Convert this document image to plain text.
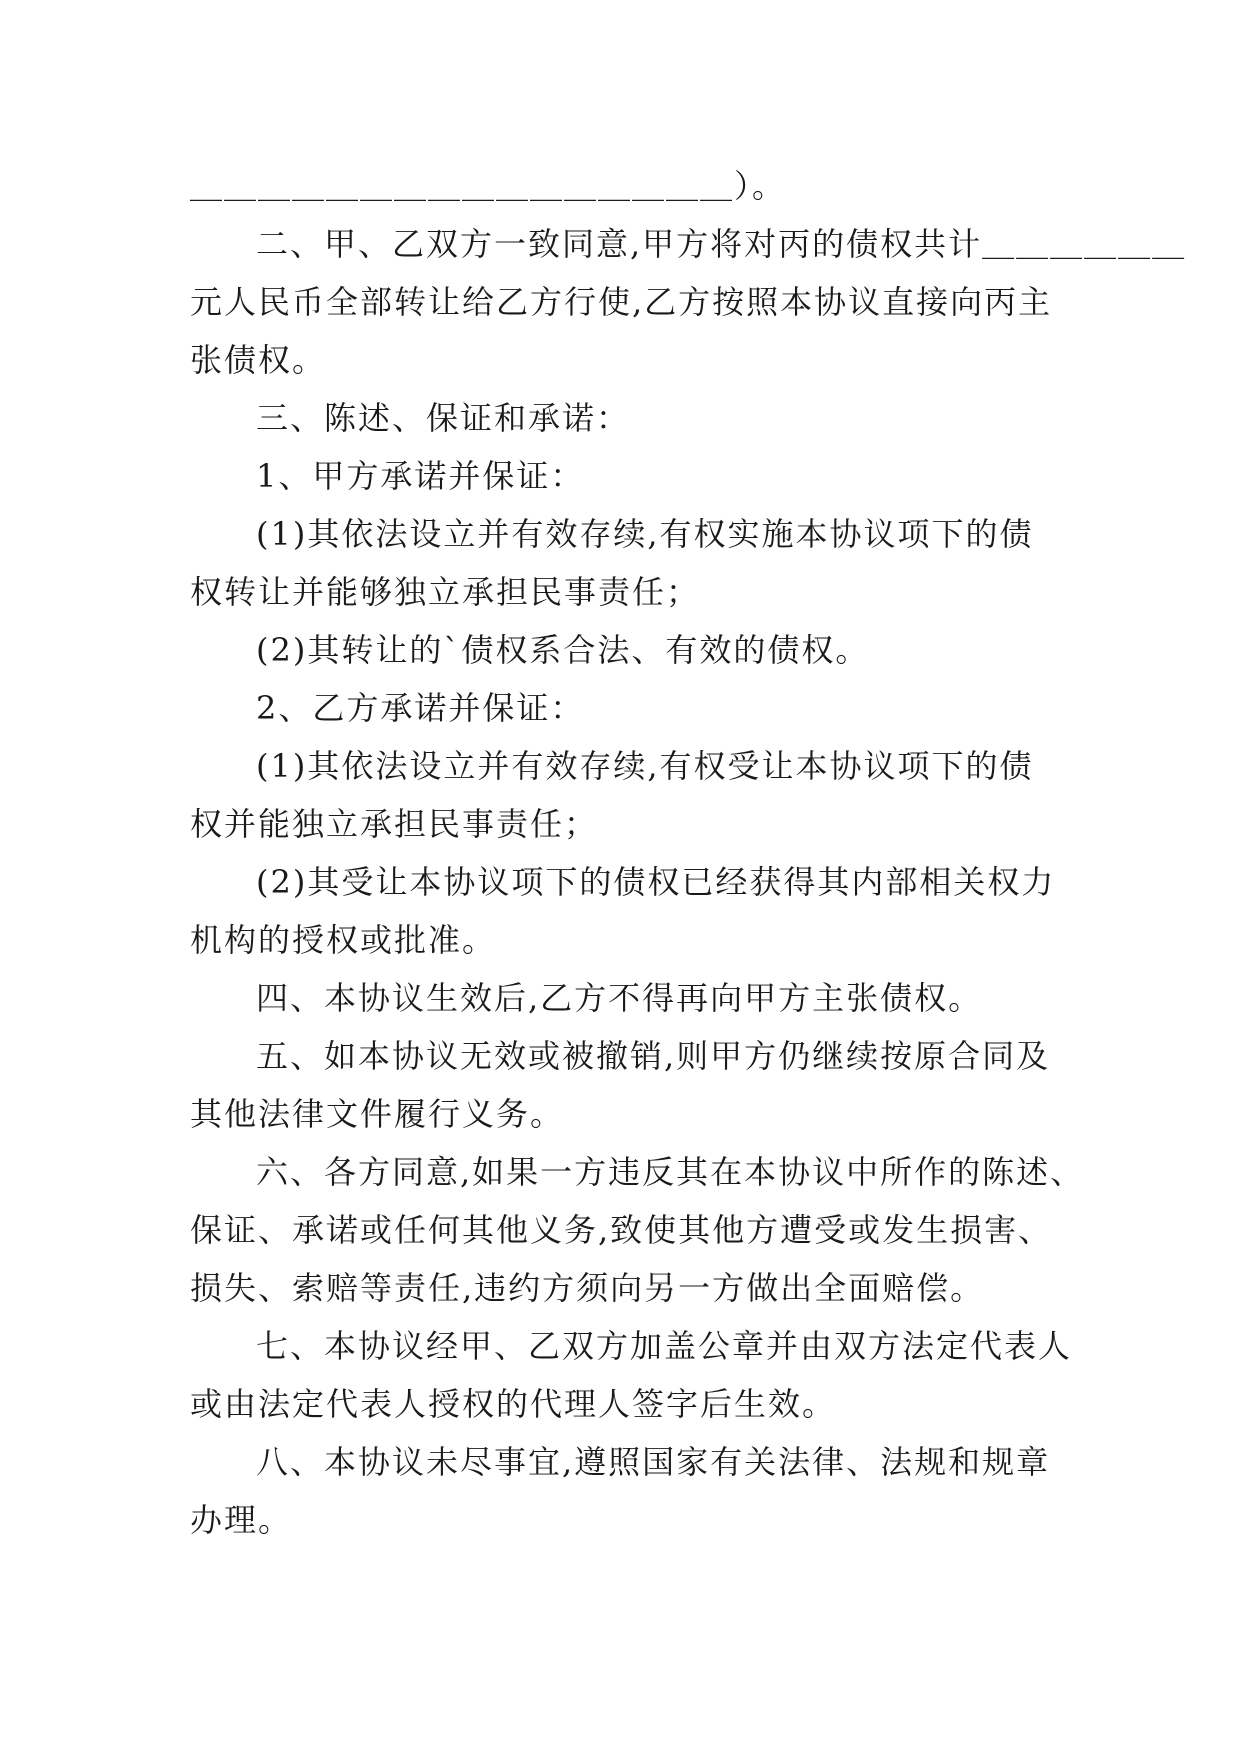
＿＿＿＿＿＿＿＿＿＿＿＿＿＿＿＿）。
二、甲、乙双方一致同意,甲方将对丙的债权共计＿＿＿＿＿＿
元人民币全部转让给乙方行使,乙方按照本协议直接向丙主
张债权。
三、陈述、保证和承诺：
1、甲方承诺并保证：
(1)其依法设立并有效存续,有权实施本协议项下的债
权转让并能够独立承担民事责任；
(2)其转让的`债权系合法、有效的债权。
2、乙方承诺并保证：
(1)其依法设立并有效存续,有权受让本协议项下的债
权并能独立承担民事责任；
(2)其受让本协议项下的债权已经获得其内部相关权力
机构的授权或批准。
四、本协议生效后,乙方不得再向甲方主张债权。
五、如本协议无效或被撤销,则甲方仍继续按原合同及
其他法律文件履行义务。
六、各方同意,如果一方违反其在本协议中所作的陈述、
保证、承诺或任何其他义务,致使其他方遭受或发生损害、
损失、索赔等责任,违约方须向另一方做出全面赔偿。
七、本协议经甲、乙双方加盖公章并由双方法定代表人
或由法定代表人授权的代理人签字后生效。
八、本协议未尽事宜,遵照国家有关法律、法规和规章
办理。
